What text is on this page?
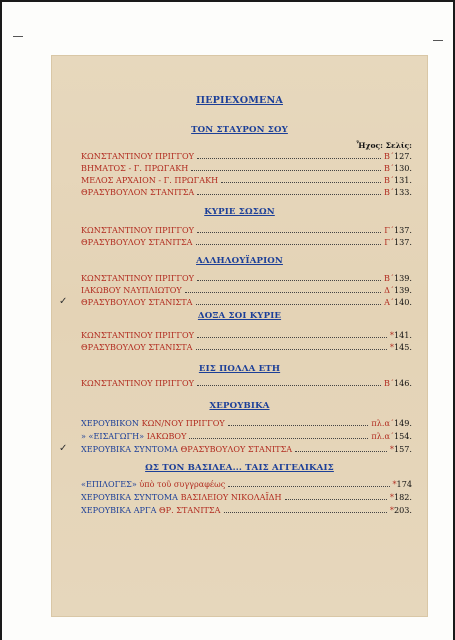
ΠΕΡΙΕΧΟΜΕΝΑ
Ἦχος: Σελίς:
ΤΟΝ ΣΤΑΥΡΟΝ ΣΟΥ
ΚΩΝΣΤΑΝΤΙΝΟΥ ΠΡΙΓΓΟΥ	Β΄ 127.
ΒΗΜΑΤΟΣ - Γ. ΠΡΩΓΑΚΗ	Β΄ 130.
ΜΕΛΟΣ ΑΡΧΑΙΟΝ - Γ. ΠΡΩΓΑΚΗ	Β΄ 131.
ΘΡΑΣΥΒΟΥΛΟΝ ΣΤΑΝΙΤΣΑ	Β΄ 133.
ΚΥΡΙΕ ΣΩΣΩΝ
ΚΩΝΣΤΑΝΤΙΝΟΥ ΠΡΙΓΓΟΥ	Γ΄ 137.
ΘΡΑΣΥΒΟΥΛΟΥ ΣΤΑΝΙΤΣΑ	Γ΄ 137.
ΑΛΛΗΛΟΥΪΑΡΙΟΝ
ΚΩΝΣΤΑΝΤΙΝΟΥ ΠΡΙΓΓΟΥ	Β΄ 139.
ΙΑΚΩΒΟΥ ΝΑΥΠΛΙΩΤΟΥ	Δ΄ 139.
✓ ΘΡΑΣΥΒΟΥΛΟΥ ΣΤΑΝΙΣΤΑ	Α΄ 140.
ΔΟΞΑ ΣΟΙ ΚΥΡΙΕ
ΚΩΝΣΤΑΝΤΙΝΟΥ ΠΡΙΓΓΟΥ	* 141.
ΘΡΑΣΥΒΟΥΛΟΥ ΣΤΑΝΙΣΤΑ	* 145.
ΕΙΣ ΠΟΛΛΑ ΕΤΗ
ΚΩΝΣΤΑΝΤΙΝΟΥ ΠΡΙΓΓΟΥ	Β΄ 146.
ΧΕΡΟΥΒΙΚΑ
ΧΕΡΟΥΒΙΚΟΝ ΚΩΝ/ΝΟΥ ΠΡΙΓΓΟΥ	πλ.α΄ 149.
» «ΕΙΣΑΓΩΓΗ» ΙΑΚΩΒΟΥ	πλ.α΄ 154.
✓ ΧΕΡΟΥΒΙΚΑ ΣΥΝΤΟΜΑ ΘΡΑΣΥΒΟΥΛΟΥ ΣΤΑΝΙΤΣΑ	* 157.
ΩΣ ΤΟΝ ΒΑΣΙΛΕΑ... ΤΑΙΣ ΑΓΓΕΛΙΚΑΙΣ
«ΕΠΙΛΟΓΕΣ» ὑπὸ τοῦ συγγραφέως	* 174
ΧΕΡΟΥΒΙΚΑ ΣΥΝΤΟΜΑ ΒΑΣΙΛΕΙΟΥ ΝΙΚΟΛΑΪΔΗ	* 182.
ΧΕΡΟΥΒΙΚΑ ΑΡΓΑ ΘΡ. ΣΤΑΝΙΤΣΑ	* 203.
